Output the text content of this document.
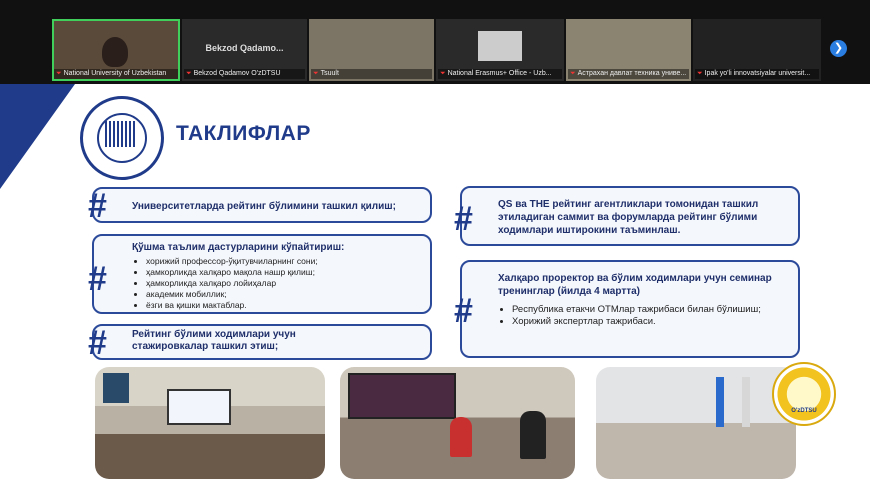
⏷ National University of Uzbekistan
Bekzod Qadamo...
⏷ Bekzod Qadamov O'zDTSU	⏷ Tsuult	⏷ National Erasmus+ Office - Uzb...	⏷ Астрахан давлат техника униве...	⏷ Ipak yo'li innovatsiyalar universit...
❯
ТАКЛИФЛАР
#	Университетларда рейтинг бўлимини ташкил қилиш;
#
Қўшма таълим дастурларини кўпайтириш:
• хорижий профессор-ўқитувчиларнинг сони;
• ҳамкорликда халқаро мақола нашр қилиш;
• ҳамкорликда халқаро лойиҳалар
• академик мобиллик;
• ёзги ва қишки мактаблар.
#	Рейтинг бўлими ходимлари учун стажировкалар ташкил этиш;
#	QS ва THE рейтинг агентликлари томонидан ташкил этиладиган саммит ва форумларда рейтинг бўлими ходимлари иштирокини таъминлаш.
#
Халқаро проректор ва бўлим ходимлари учун семинар тренинглар (йилда 4 мартта)
• Республика етакчи ОТМлар тажрибаси билан бўлишиш;
• Хорижий экспертлар тажрибаси.
O'zDTSU
